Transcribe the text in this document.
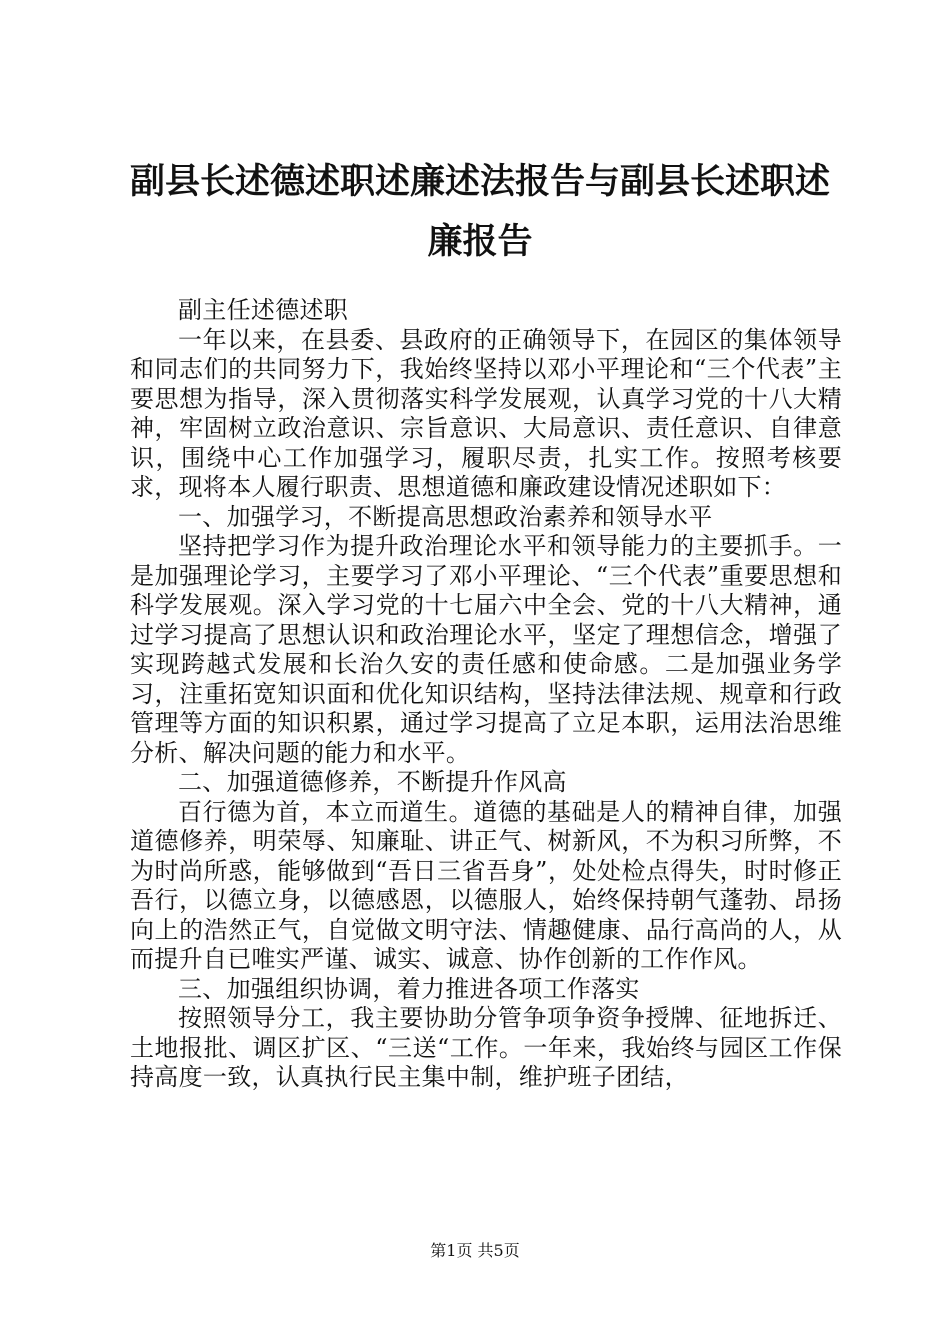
副县长述德述职述廉述法报告与副县长述职述
廉报告

副主任述德述职

一年以来，在县委、县政府的正确领导下，在园区的集体领导和同志们的共同努力下，我始终坚持以邓小平理论和“三个代表”主要思想为指导，深入贯彻落实科学发展观，认真学习党的十八大精神，牢固树立政治意识、宗旨意识、大局意识、责任意识、自律意识，围绕中心工作加强学习，履职尽责，扎实工作。按照考核要求，现将本人履行职责、思想道德和廉政建设情况述职如下：

一、加强学习，不断提高思想政治素养和领导水平

坚持把学习作为提升政治理论水平和领导能力的主要抓手。一是加强理论学习，主要学习了邓小平理论、“三个代表”重要思想和科学发展观。深入学习党的十七届六中全会、党的十八大精神，通过学习提高了思想认识和政治理论水平，坚定了理想信念，增强了实现跨越式发展和长治久安的责任感和使命感。二是加强业务学习，注重拓宽知识面和优化知识结构，坚持法律法规、规章和行政管理等方面的知识积累，通过学习提高了立足本职，运用法治思维分析、解决问题的能力和水平。

二、加强道德修养，不断提升作风高

百行德为首，本立而道生。道德的基础是人的精神自律，加强道德修养，明荣辱、知廉耻、讲正气、树新风，不为积习所弊，不为时尚所惑，能够做到“吾日三省吾身”，处处检点得失，时时修正吾行，以德立身，以德感恩，以德服人，始终保持朝气蓬勃、昂扬向上的浩然正气，自觉做文明守法、情趣健康、品行高尚的人，从而提升自已唯实严谨、诚实、诚意、协作创新的工作作风。

三、加强组织协调，着力推进各项工作落实

按照领导分工，我主要协助分管争项争资争授牌、征地拆迁、土地报批、调区扩区、“三送“工作。一年来，我始终与园区工作保持高度一致，认真执行民主集中制，维护班子团结，

第1页 共5页
